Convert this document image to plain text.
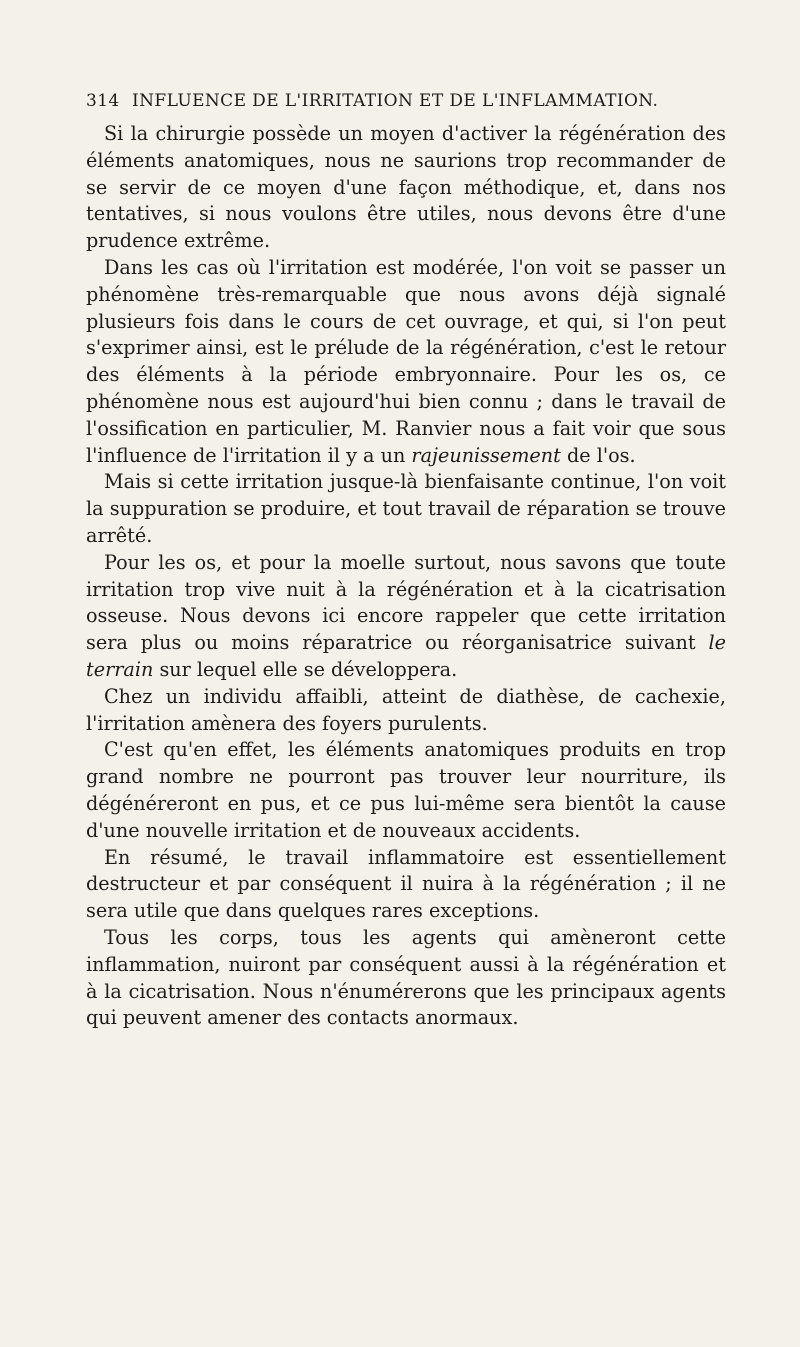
314 INFLUENCE DE L'IRRITATION ET DE L'INFLAMMATION.

Si la chirurgie possède un moyen d'activer la régénération des éléments anatomiques, nous ne saurions trop recommander de se servir de ce moyen d'une façon méthodique, et, dans nos tentatives, si nous voulons être utiles, nous devons être d'une prudence extrême.

Dans les cas où l'irritation est modérée, l'on voit se passer un phénomène très-remarquable que nous avons déjà signalé plusieurs fois dans le cours de cet ouvrage, et qui, si l'on peut s'exprimer ainsi, est le prélude de la régénération, c'est le retour des éléments à la période embryonnaire. Pour les os, ce phénomène nous est aujourd'hui bien connu ; dans le travail de l'ossification en particulier, M. Ranvier nous a fait voir que sous l'influence de l'irritation il y a un rajeunissement de l'os.

Mais si cette irritation jusque-là bienfaisante continue, l'on voit la suppuration se produire, et tout travail de réparation se trouve arrêté.

Pour les os, et pour la moelle surtout, nous savons que toute irritation trop vive nuit à la régénération et à la cicatrisation osseuse. Nous devons ici encore rappeler que cette irritation sera plus ou moins réparatrice ou réorganisatrice suivant le terrain sur lequel elle se développera.

Chez un individu affaibli, atteint de diathèse, de cachexie, l'irritation amènera des foyers purulents.

C'est qu'en effet, les éléments anatomiques produits en trop grand nombre ne pourront pas trouver leur nourriture, ils dégénéreront en pus, et ce pus lui-même sera bientôt la cause d'une nouvelle irritation et de nouveaux accidents.

En résumé, le travail inflammatoire est essentiellement destructeur et par conséquent il nuira à la régénération ; il ne sera utile que dans quelques rares exceptions.

Tous les corps, tous les agents qui amèneront cette inflammation, nuiront par conséquent aussi à la régénération et à la cicatrisation. Nous n'énumérerons que les principaux agents qui peuvent amener des contacts anormaux.
